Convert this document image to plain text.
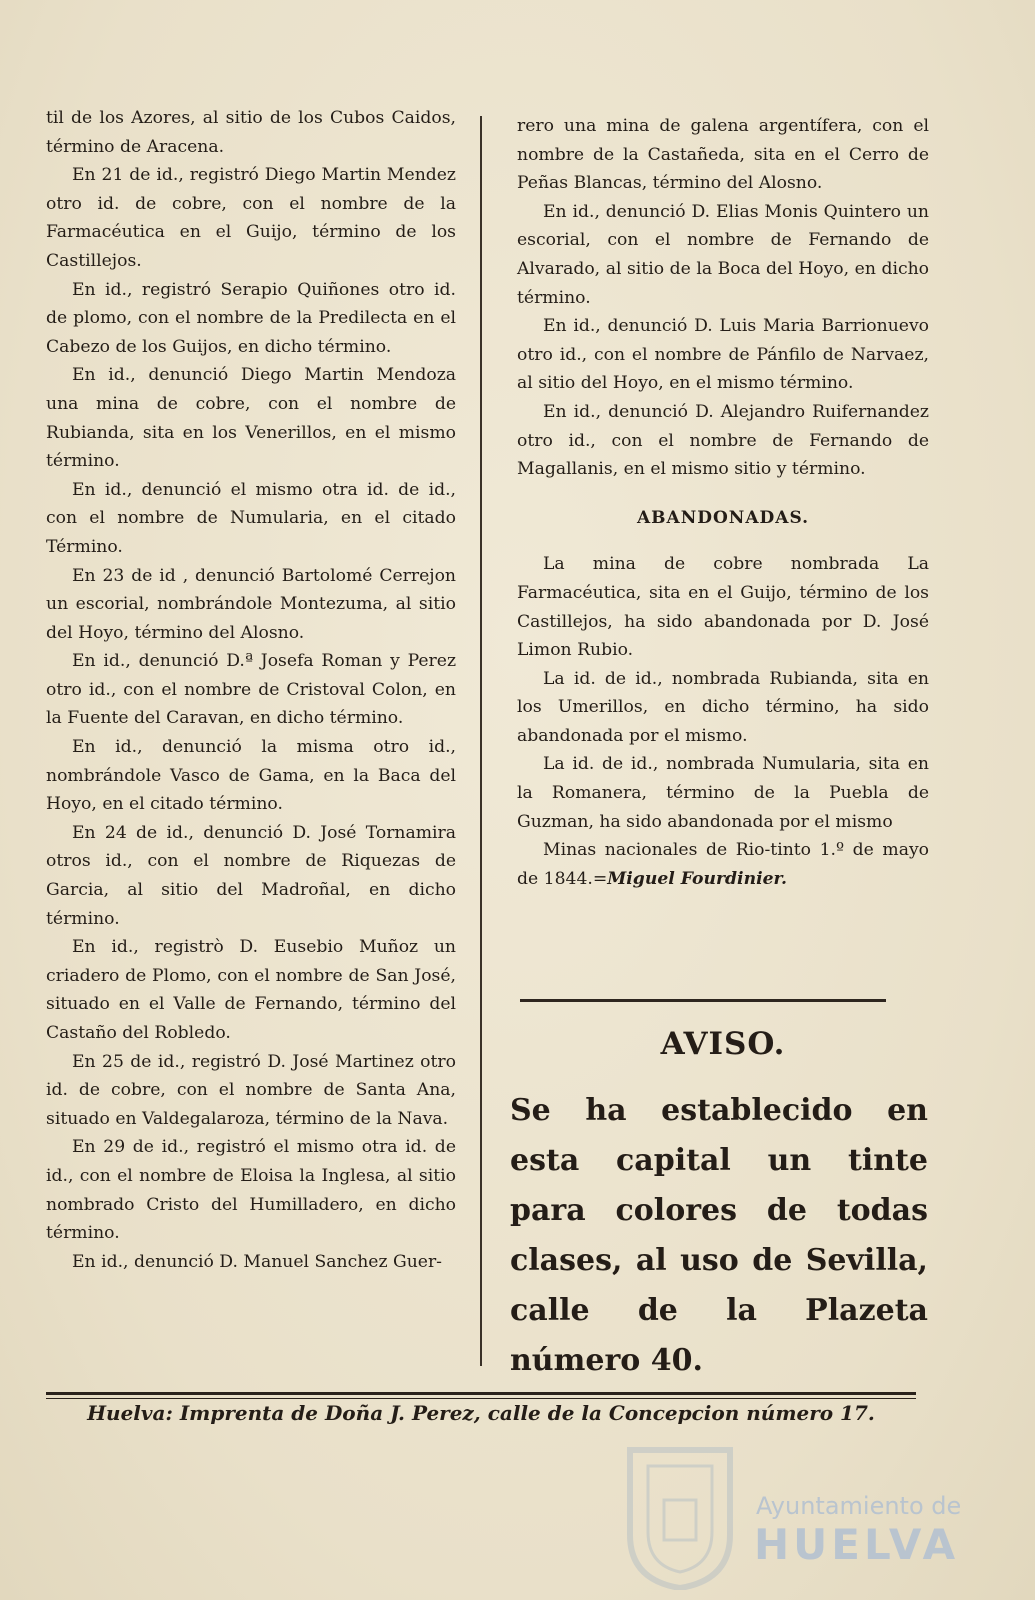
til de los Azores, al sitio de los Cubos Caidos, término de Aracena.

En 21 de id., registró Diego Martin Mendez otro id. de cobre, con el nombre de la Farmacéutica en el Guijo, término de los Castillejos.

En id., registró Serapio Quiñones otro id. de plomo, con el nombre de la Predilecta en el Cabezo de los Guijos, en dicho término.

En id., denunció Diego Martin Mendoza una mina de cobre, con el nombre de Rubianda, sita en los Venerillos, en el mismo término.

En id., denunció el mismo otra id. de id., con el nombre de Numularia, en el citado Término.

En 23 de id , denunció Bartolomé Cerrejon un escorial, nombrándole Montezuma, al sitio del Hoyo, término del Alosno.

En id., denunció D.ª Josefa Roman y Perez otro id., con el nombre de Cristoval Colon, en la Fuente del Caravan, en dicho término.

En id., denunció la misma otro id., nombrándole Vasco de Gama, en la Baca del Hoyo, en el citado término.

En 24 de id., denunció D. José Tornamira otros id., con el nombre de Riquezas de Garcia, al sitio del Madroñal, en dicho término.

En id., registrò D. Eusebio Muñoz un criadero de Plomo, con el nombre de San José, situado en el Valle de Fernando, término del Castaño del Robledo.

En 25 de id., registró D. José Martinez otro id. de cobre, con el nombre de Santa Ana, situado en Valdegalaroza, término de la Nava.

En 29 de id., registró el mismo otra id. de id., con el nombre de Eloisa la Inglesa, al sitio nombrado Cristo del Humilladero, en dicho término.

En id., denunció D. Manuel Sanchez Guer-

rero una mina de galena argentífera, con el nombre de la Castañeda, sita en el Cerro de Peñas Blancas, término del Alosno.

En id., denunció D. Elias Monis Quintero un escorial, con el nombre de Fernando de Alvarado, al sitio de la Boca del Hoyo, en dicho término.

En id., denunció D. Luis Maria Barrionuevo otro id., con el nombre de Pánfilo de Narvaez, al sitio del Hoyo, en el mismo término.

En id., denunció D. Alejandro Ruifernandez otro id., con el nombre de Fernando de Magallanis, en el mismo sitio y término.

ABANDONADAS.

La mina de cobre nombrada La Farmacéutica, sita en el Guijo, término de los Castillejos, ha sido abandonada por D. José Limon Rubio.

La id. de id., nombrada Rubianda, sita en los Umerillos, en dicho término, ha sido abandonada por el mismo.

La id. de id., nombrada Numularia, sita en la Romanera, término de la Puebla de Guzman, ha sido abandonada por el mismo

Minas nacionales de Rio-tinto 1.º de mayo de 1844.=Miguel Fourdinier.

AVISO.
Se ha establecido en esta capital un tinte para colores de todas clases, al uso de Sevilla, calle de la Plazeta número 40.
Huelva: Imprenta de Doña J. Perez, calle de la Concepcion número 17.
Ayuntamiento de
HUELVA
